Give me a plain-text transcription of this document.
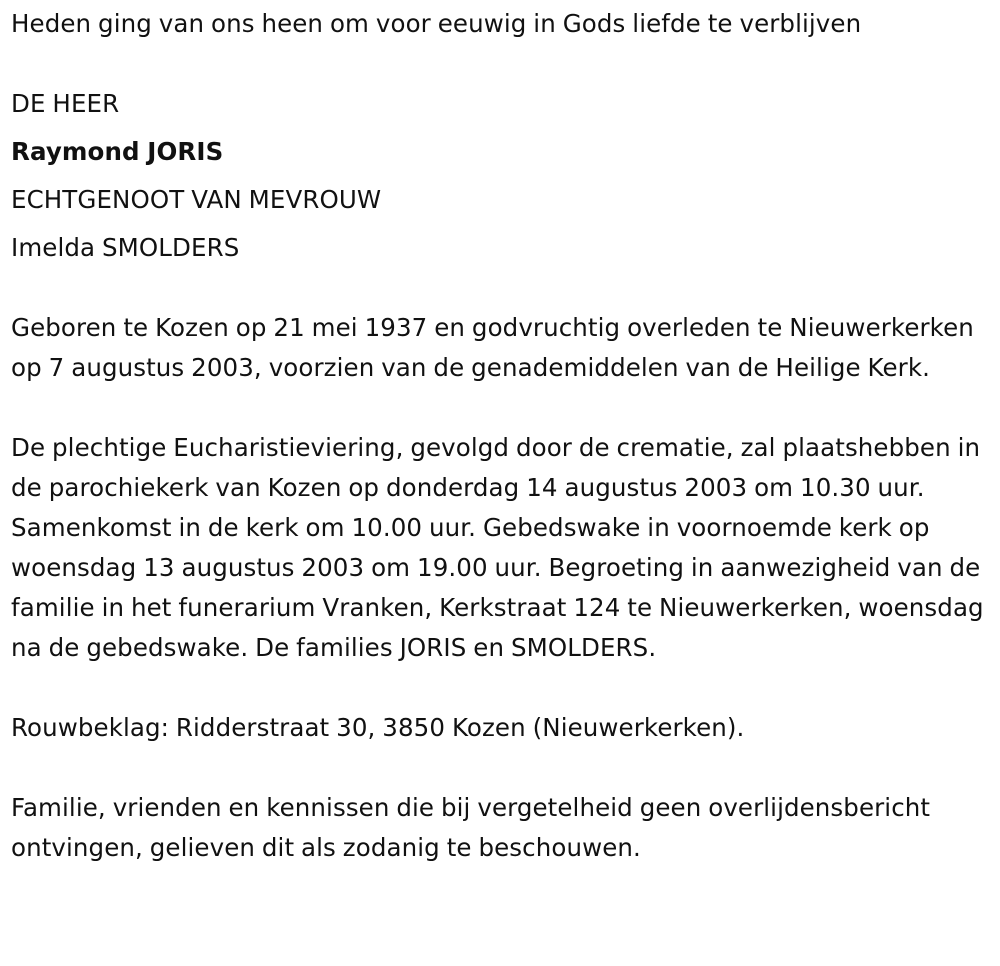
Heden ging van ons heen om voor eeuwig in Gods liefde te verblijven

DE HEER

Raymond JORIS

ECHTGENOOT VAN MEVROUW

Imelda SMOLDERS

Geboren te Kozen op 21 mei 1937 en godvruchtig overleden te Nieuwerkerken op 7 augustus 2003, voorzien van de genademiddelen van de Heilige Kerk.

De plechtige Eucharistieviering, gevolgd door de crematie, zal plaatshebben in de parochiekerk van Kozen op donderdag 14 augustus 2003 om 10.30 uur. Samenkomst in de kerk om 10.00 uur. Gebedswake in voornoemde kerk op woensdag 13 augustus 2003 om 19.00 uur. Begroeting in aanwezigheid van de familie in het funerarium Vranken, Kerkstraat 124 te Nieuwerkerken, woensdag na de gebedswake. De families JORIS en SMOLDERS.

Rouwbeklag: Ridderstraat 30, 3850 Kozen (Nieuwerkerken).

Familie, vrienden en kennissen die bij vergetelheid geen overlijdensbericht ontvingen, gelieven dit als zodanig te beschouwen.
